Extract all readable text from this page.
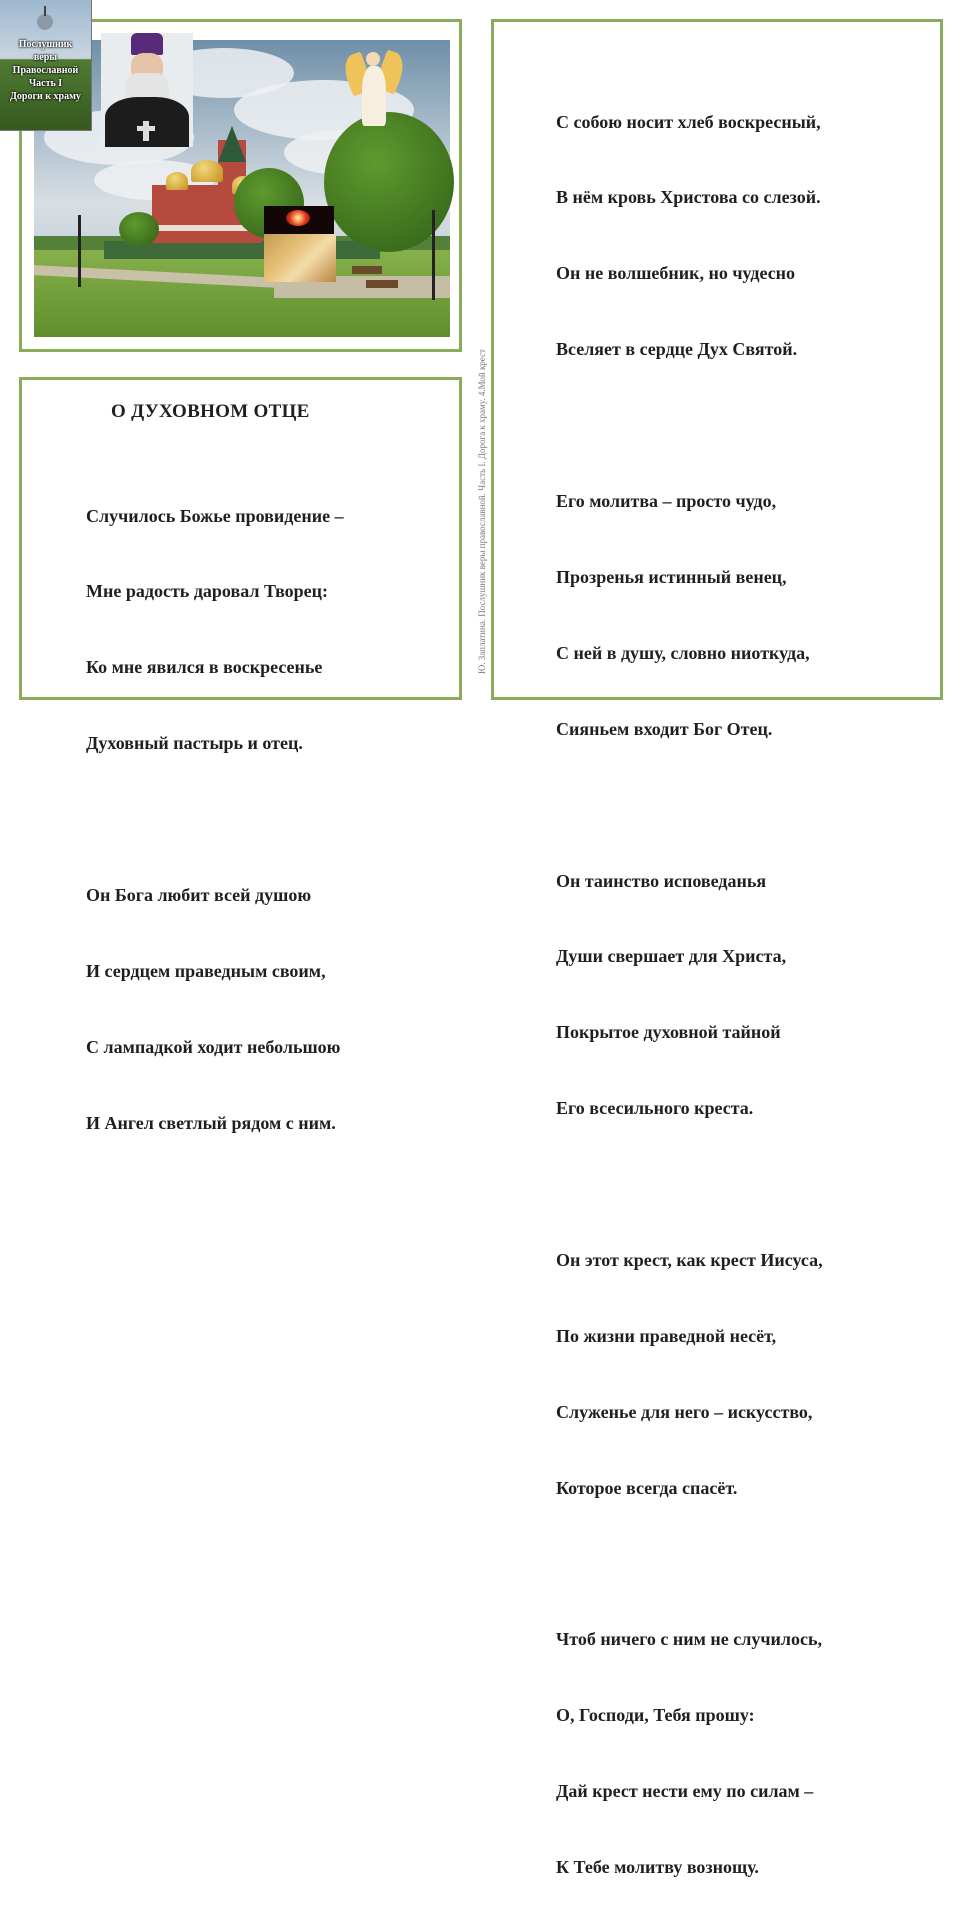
Послушник
веры
Православной
Часть I
Дороги к храму
О ДУХОВНОМ ОТЦЕ

Случилось Божье провидение –

Мне радость даровал Творец:

Ко мне явился в воскресенье

Духовный пастырь и отец.

Он Бога любит всей душою

И сердцем праведным своим,

С лампадкой ходит небольшою

И Ангел светлый рядом с ним.

С собою носит хлеб воскресный,

В нём кровь Христова со слезой.

Он не волшебник, но чудесно

Вселяет в сердце Дух Святой.

Его молитва – просто чудо,

Прозренья истинный венец,

С ней в душу, словно ниоткуда,

Сияньем входит Бог Отец.

Он таинство исповеданья

Души свершает для Христа,

Покрытое духовной тайной

Его всесильного креста.

Он этот крест, как крест Иисуса,

По жизни праведной несёт,

Служенье для него – искусство,

Которое всегда спасёт.

Чтоб ничего с ним не случилось,

О, Господи, Тебя прошу:

Дай крест нести ему по силам –

К Тебе молитву вознощу.

Ю. Заплатина. Послушник веры православной. Часть I. Дорога к храму. 4.Мой крест
